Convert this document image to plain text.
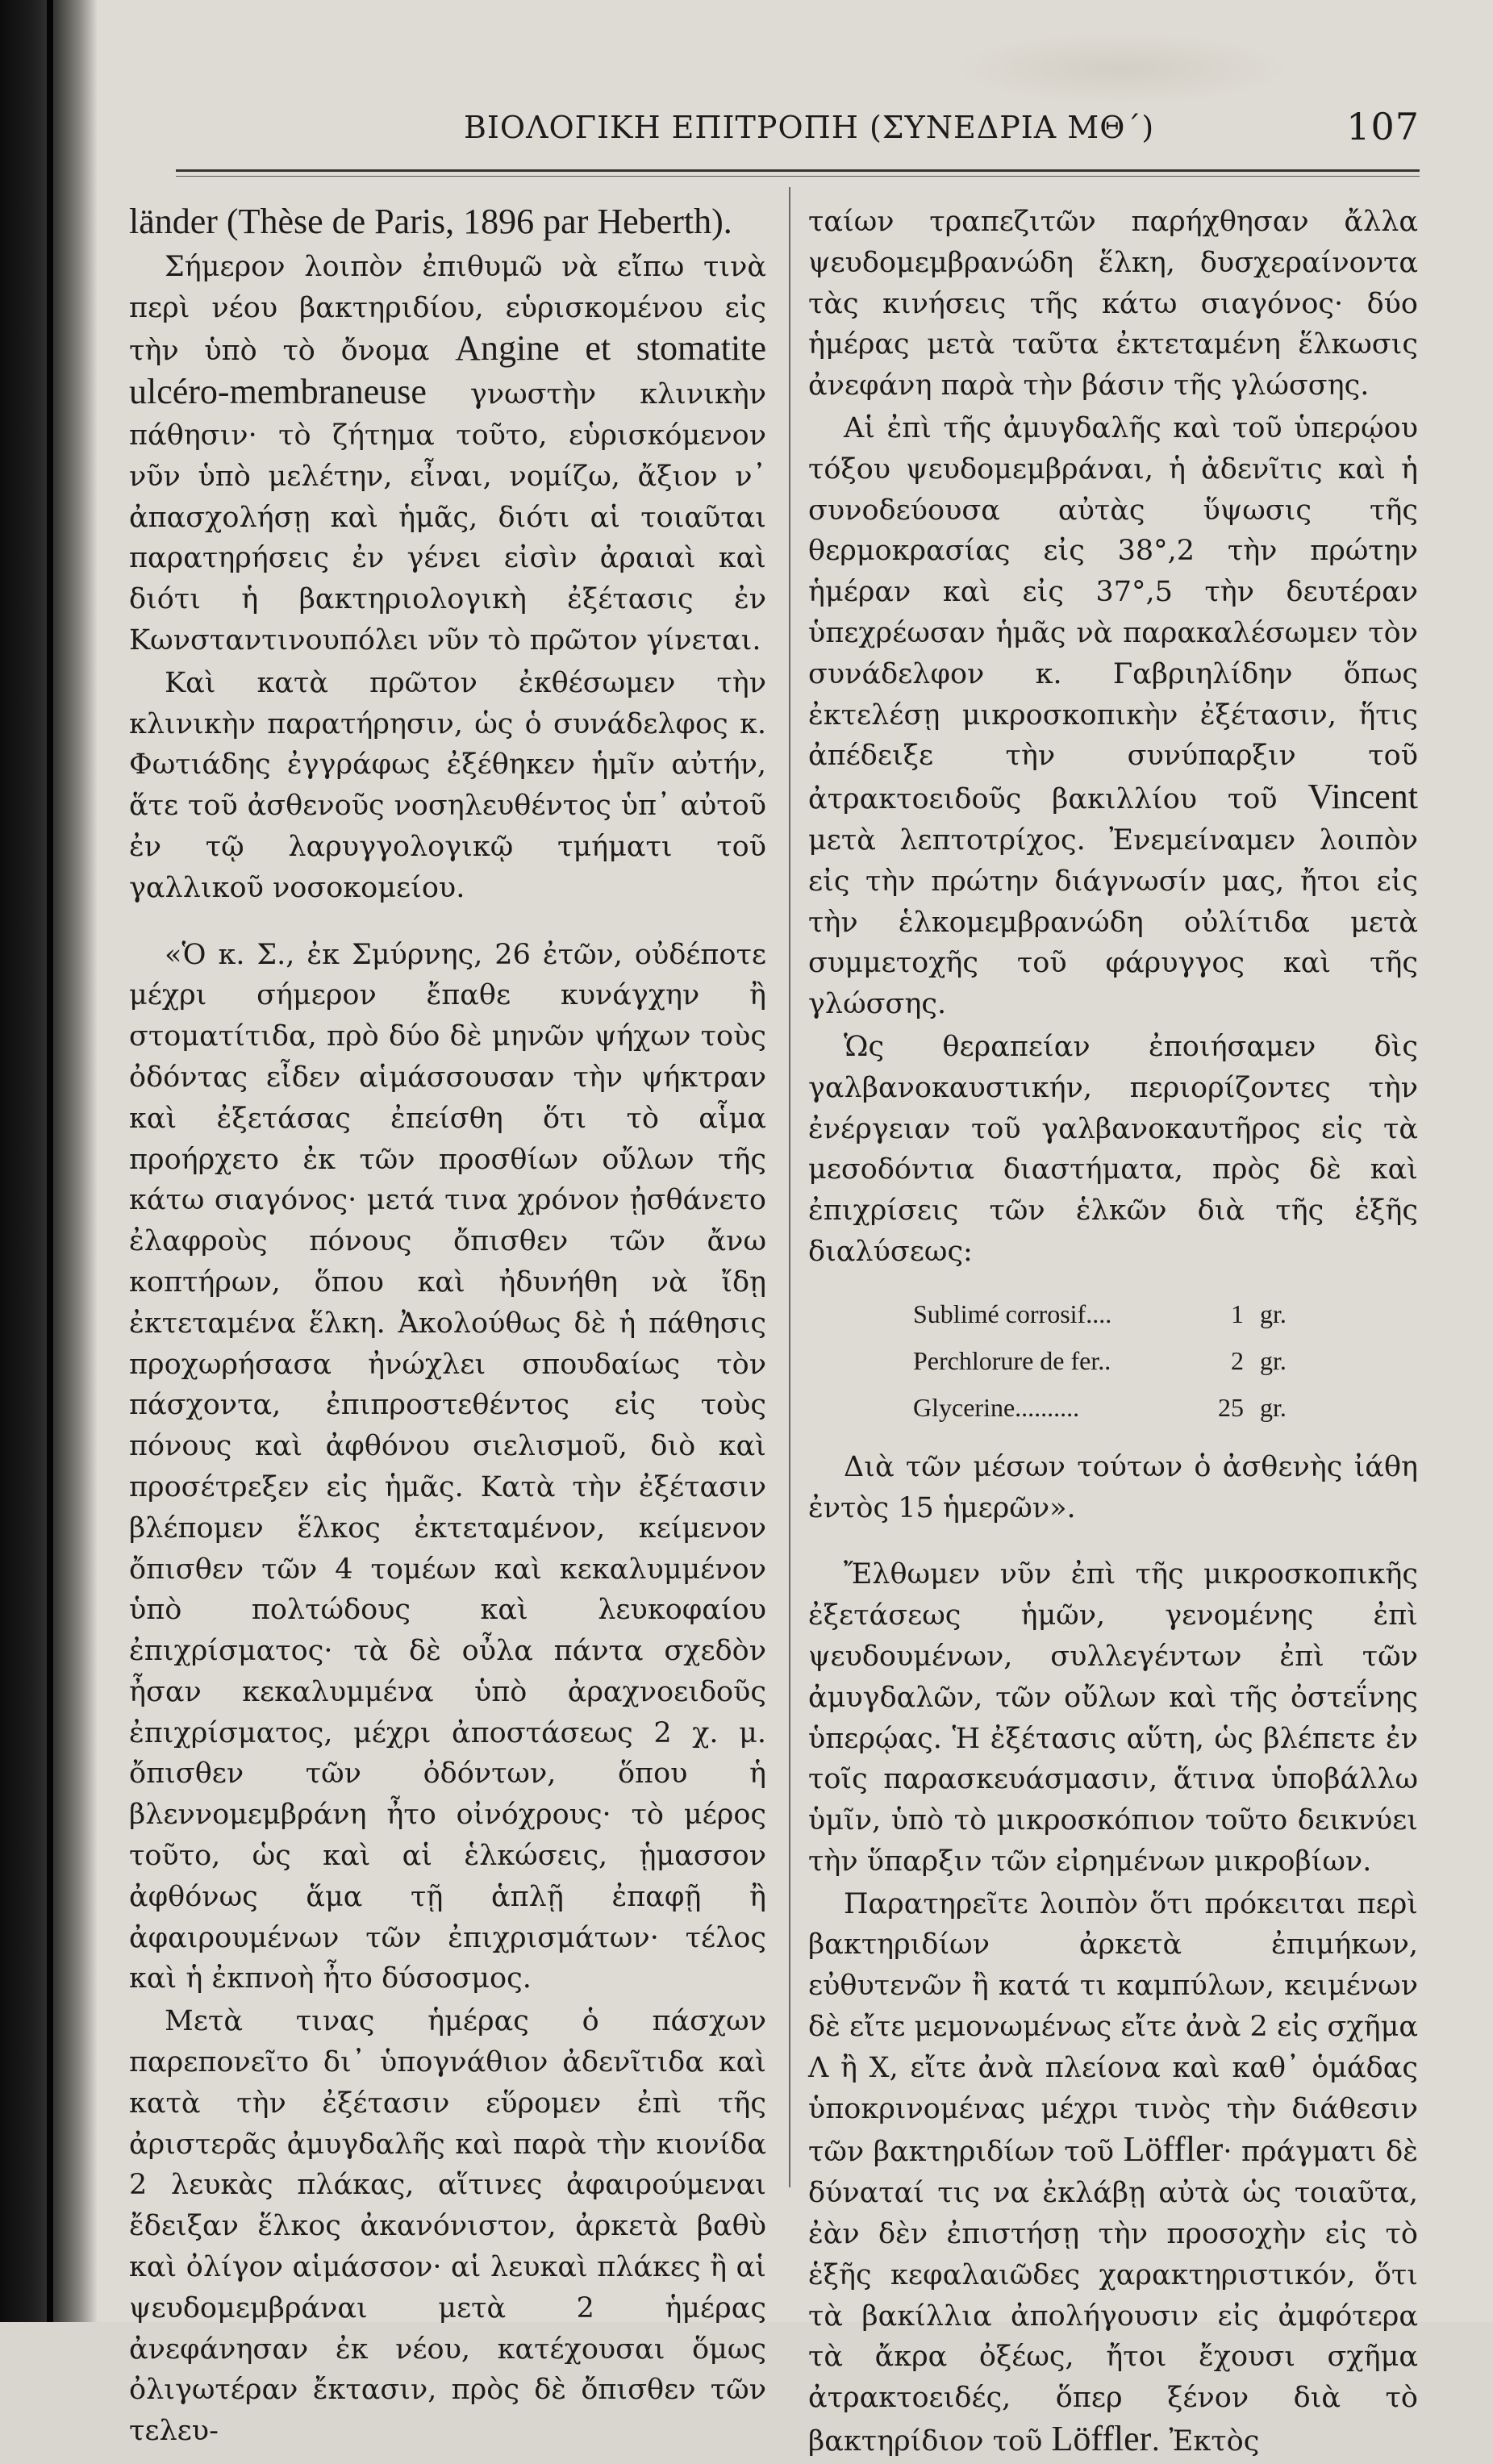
ΒΙΟΛΟΓΙΚΗ ΕΠΙΤΡΟΠΗ (ΣΥΝΕΔΡΙΑ ΜΘ΄)	107

länder (Thèse de Paris, 1896 par Heberth).

Σήμερον λοιπὸν ἐπιθυμῶ νὰ εἴπω τινὰ περὶ νέου βακτηριδίου, εὑρισκομένου εἰς τὴν ὑπὸ τὸ ὄνομα Angine et stomatite ulcéro-membraneuse γνωστὴν κλινικὴν πάθησιν· τὸ ζήτημα τοῦτο, εὑρισκόμενον νῦν ὑπὸ μελέτην, εἶναι, νομίζω, ἄξιον ν᾿ ἀπασχολήσῃ καὶ ἡμᾶς, διότι αἱ τοιαῦται παρατηρήσεις ἐν γένει εἰσὶν ἀραιαὶ καὶ διότι ἡ βακτηριολογικὴ ἐξέτασις ἐν Κωνσταντινουπόλει νῦν τὸ πρῶτον γίνεται.

Καὶ κατὰ πρῶτον ἐκθέσωμεν τὴν κλινικὴν παρατήρησιν, ὡς ὁ συνάδελφος κ. Φωτιάδης ἐγγράφως ἐξέθηκεν ἡμῖν αὐτήν, ἅτε τοῦ ἀσθενοῦς νοσηλευθέντος ὑπ᾿ αὐτοῦ ἐν τῷ λαρυγγολογικῷ τμήματι τοῦ γαλλικοῦ νοσοκομείου.

«Ὁ κ. Σ., ἐκ Σμύρνης, 26 ἐτῶν, οὐδέποτε μέχρι σήμερον ἔπαθε κυνάγχην ἢ στοματίτιδα, πρὸ δύο δὲ μηνῶν ψήχων τοὺς ὀδόντας εἶδεν αἱμάσσουσαν τὴν ψήκτραν καὶ ἐξετάσας ἐπείσθη ὅτι τὸ αἷμα προήρχετο ἐκ τῶν προσθίων οὔλων τῆς κάτω σιαγόνος· μετά τινα χρόνον ᾐσθάνετο ἐλαφροὺς πόνους ὄπισθεν τῶν ἄνω κοπτήρων, ὅπου καὶ ἠδυνήθη νὰ ἴδῃ ἐκτεταμένα ἕλκη. Ἀκολούθως δὲ ἡ πάθησις προχωρήσασα ἠνώχλει σπουδαίως τὸν πάσχοντα, ἐπιπροστεθέντος εἰς τοὺς πόνους καὶ ἀφθόνου σιελισμοῦ, διὸ καὶ προσέτρεξεν εἰς ἡμᾶς. Κατὰ τὴν ἐξέτασιν βλέπομεν ἕλκος ἐκτεταμένον, κείμενον ὄπισθεν τῶν 4 τομέων καὶ κεκαλυμμένον ὑπὸ πολτώδους καὶ λευκοφαίου ἐπιχρίσματος· τὰ δὲ οὖλα πάντα σχεδὸν ἦσαν κεκαλυμμένα ὑπὸ ἀραχνοειδοῦς ἐπιχρίσματος, μέχρι ἀποστάσεως 2 χ. μ. ὄπισθεν τῶν ὀδόντων, ὅπου ἡ βλεννομεμβράνη ἦτο οἰνόχρους· τὸ μέρος τοῦτο, ὡς καὶ αἱ ἑλκώσεις, ᾑμασσον ἀφθόνως ἅμα τῇ ἁπλῇ ἐπαφῇ ἢ ἀφαιρουμένων τῶν ἐπιχρισμάτων· τέλος καὶ ἡ ἐκπνοὴ ἦτο δύσοσμος.

Μετὰ τινας ἡμέρας ὁ πάσχων παρεπονεῖτο δι᾿ ὑπογνάθιον ἀδενῖτιδα καὶ κατὰ τὴν ἐξέτασιν εὕρομεν ἐπὶ τῆς ἀριστερᾶς ἀμυγδαλῆς καὶ παρὰ τὴν κιονίδα 2 λευκὰς πλάκας, αἵτινες ἀφαιρούμεναι ἔδειξαν ἕλκος ἀκανόνιστον, ἀρκετὰ βαθὺ καὶ ὀλίγον αἱμάσσον· αἱ λευκαὶ πλάκες ἢ αἱ ψευδομεμβράναι μετὰ 2 ἡμέρας ἀνεφάνησαν ἐκ νέου, κατέχουσαι ὅμως ὀλιγωτέραν ἔκτασιν, πρὸς δὲ ὄπισθεν τῶν τελευ-

ταίων τραπεζιτῶν παρήχθησαν ἄλλα ψευδομεμβρανώδη ἕλκη, δυσχεραίνοντα τὰς κινήσεις τῆς κάτω σιαγόνος· δύο ἡμέρας μετὰ ταῦτα ἐκτεταμένη ἕλκωσις ἀνεφάνη παρὰ τὴν βάσιν τῆς γλώσσης.

Αἱ ἐπὶ τῆς ἀμυγδαλῆς καὶ τοῦ ὑπερῴου τόξου ψευδομεμβράναι, ἡ ἀδενῖτις καὶ ἡ συνοδεύουσα αὐτὰς ὕψωσις τῆς θερμοκρασίας εἰς 38°,2 τὴν πρώτην ἡμέραν καὶ εἰς 37°,5 τὴν δευτέραν ὑπεχρέωσαν ἡμᾶς νὰ παρακαλέσωμεν τὸν συνάδελφον κ. Γαβριηλίδην ὅπως ἐκτελέσῃ μικροσκοπικὴν ἐξέτασιν, ἥτις ἀπέδειξε τὴν συνύπαρξιν τοῦ ἀτρακτοειδοῦς βακιλλίου τοῦ Vincent μετὰ λεπτοτρίχος. Ἐνεμείναμεν λοιπὸν εἰς τὴν πρώτην διάγνωσίν μας, ἤτοι εἰς τὴν ἑλκομεμβρανώδη οὐλίτιδα μετὰ συμμετοχῆς τοῦ φάρυγγος καὶ τῆς γλώσσης.

Ὡς θεραπείαν ἐποιήσαμεν δὶς γαλβανοκαυστικήν, περιορίζοντες τὴν ἐνέργειαν τοῦ γαλβανοκαυτῆρος εἰς τὰ μεσοδόντια διαστήματα, πρὸς δὲ καὶ ἐπιχρίσεις τῶν ἑλκῶν διὰ τῆς ἑξῆς διαλύσεως:

Sublimé corrosif....	1 gr.
Perchlorure de fer..	2 gr.
Glycerine..........	25 gr.

Διὰ τῶν μέσων τούτων ὁ ἀσθενὴς ἰάθη ἐντὸς 15 ἡμερῶν».

Ἔλθωμεν νῦν ἐπὶ τῆς μικροσκοπικῆς ἐξετάσεως ἡμῶν, γενομένης ἐπὶ ψευδουμένων, συλλεγέντων ἐπὶ τῶν ἀμυγδαλῶν, τῶν οὔλων καὶ τῆς ὀστεΐνης ὑπερῴας. Ἡ ἐξέτασις αὕτη, ὡς βλέπετε ἐν τοῖς παρασκευάσμασιν, ἅτινα ὑποβάλλω ὑμῖν, ὑπὸ τὸ μικροσκόπιον τοῦτο δεικνύει τὴν ὕπαρξιν τῶν εἰρημένων μικροβίων.

Παρατηρεῖτε λοιπὸν ὅτι πρόκειται περὶ βακτηριδίων ἀρκετὰ ἐπιμήκων, εὐθυτενῶν ἢ κατά τι καμπύλων, κειμένων δὲ εἴτε μεμονωμένως εἴτε ἀνὰ 2 εἰς σχῆμα Λ ἢ Χ, εἴτε ἀνὰ πλείονα καὶ καθ᾿ ὁμάδας ὑποκρινομένας μέχρι τινὸς τὴν διάθεσιν τῶν βακτηριδίων τοῦ Löffler· πράγματι δὲ δύναταί τις να ἐκλάβῃ αὐτὰ ὡς τοιαῦτα, ἐὰν δὲν ἐπιστήσῃ τὴν προσοχὴν εἰς τὸ ἑξῆς κεφαλαιῶδες χαρακτηριστικόν, ὅτι τὰ βακίλλια ἀπολήγουσιν εἰς ἀμφότερα τὰ ἄκρα ὀξέως, ἤτοι ἔχουσι σχῆμα ἀτρακτοειδές, ὅπερ ξένον διὰ τὸ βακτηρίδιον τοῦ Löffler. Ἐκτὸς
